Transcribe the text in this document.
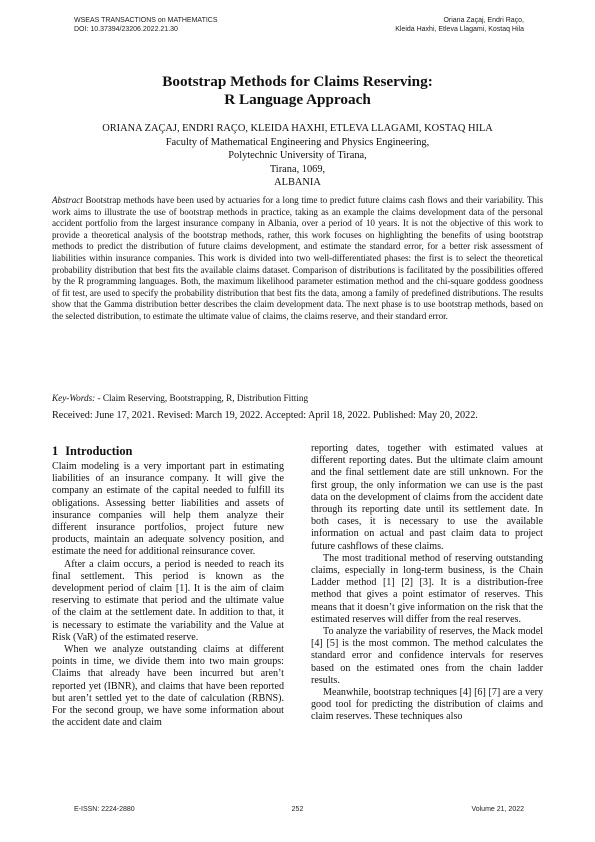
WSEAS TRANSACTIONS on MATHEMATICS
DOI: 10.37394/23206.2022.21.30
Oriana Zaçaj, Endri Raço,
Kleida Haxhi, Etleva Llagami, Kostaq Hila
Bootstrap Methods for Claims Reserving:
R Language Approach
ORIANA ZAÇAJ, ENDRI RAÇO, KLEIDA HAXHI, ETLEVA LLAGAMI, KOSTAQ HILA
Faculty of Mathematical Engineering and Physics Engineering,
Polytechnic University of Tirana,
Tirana, 1069,
ALBANIA
Abstract Bootstrap methods have been used by actuaries for a long time to predict future claims cash flows and their variability. This work aims to illustrate the use of bootstrap methods in practice, taking as an example the claims development data of the personal accident portfolio from the largest insurance company in Albania, over a period of 10 years. It is not the objective of this work to provide a theoretical analysis of the bootstrap methods, rather, this work focuses on highlighting the benefits of using bootstrap methods to predict the distribution of future claims development, and estimate the standard error, for a better risk assessment of liabilities within insurance companies. This work is divided into two well-differentiated phases: the first is to select the theoretical probability distribution that best fits the available claims dataset. Comparison of distributions is facilitated by the possibilities offered by the R programming languages. Both, the maximum likelihood parameter estimation method and the chi-square goddess goodness of fit test, are used to specify the probability distribution that best fits the data, among a family of predefined distributions. The results show that the Gamma distribution better describes the claim development data. The next phase is to use bootstrap methods, based on the selected distribution, to estimate the ultimate value of claims, the claims reserve, and their standard error.
Key-Words: - Claim Reserving, Bootstrapping, R, Distribution Fitting
Received: June 17, 2021. Revised: March 19, 2022. Accepted: April 18, 2022. Published: May 20, 2022.
1 Introduction

Claim modeling is a very important part in estimating liabilities of an insurance company. It will give the company an estimate of the capital needed to fulfill its obligations. Assessing better liabilities and assets of insurance companies will help them analyze their different insurance portfolios, project future new products, maintain an adequate solvency position, and estimate the need for additional reinsurance cover.

After a claim occurs, a period is needed to reach its final settlement. This period is known as the development period of claim [1]. It is the aim of claim reserving to estimate that period and the ultimate value of the claim at the settlement date. In addition to that, it is necessary to estimate the variability and the Value at Risk (VaR) of the estimated reserve.

When we analyze outstanding claims at different points in time, we divide them into two main groups: Claims that already have been incurred but aren’t reported yet (IBNR), and claims that have been reported but aren’t settled yet to the date of calculation (RBNS). For the second group, we have some information about the accident date and claim

reporting dates, together with estimated values at different reporting dates. But the ultimate claim amount and the final settlement date are still unknown. For the first group, the only information we can use is the past data on the development of claims from the accident date through its reporting date until its settlement date. In both cases, it is necessary to use the available information on actual and past claim data to project future cashflows of these claims.

The most traditional method of reserving outstanding claims, especially in long-term business, is the Chain Ladder method [1] [2] [3]. It is a distribution-free method that gives a point estimator of reserves. This means that it doesn’t give information on the risk that the estimated reserves will differ from the real reserves.

To analyze the variability of reserves, the Mack model [4] [5] is the most common. The method calculates the standard error and confidence intervals for reserves based on the estimated ones from the chain ladder results.

Meanwhile, bootstrap techniques [4] [6] [7] are a very good tool for predicting the distribution of claims and claim reserves. These techniques also

E-ISSN: 2224-2880	252	Volume 21, 2022
